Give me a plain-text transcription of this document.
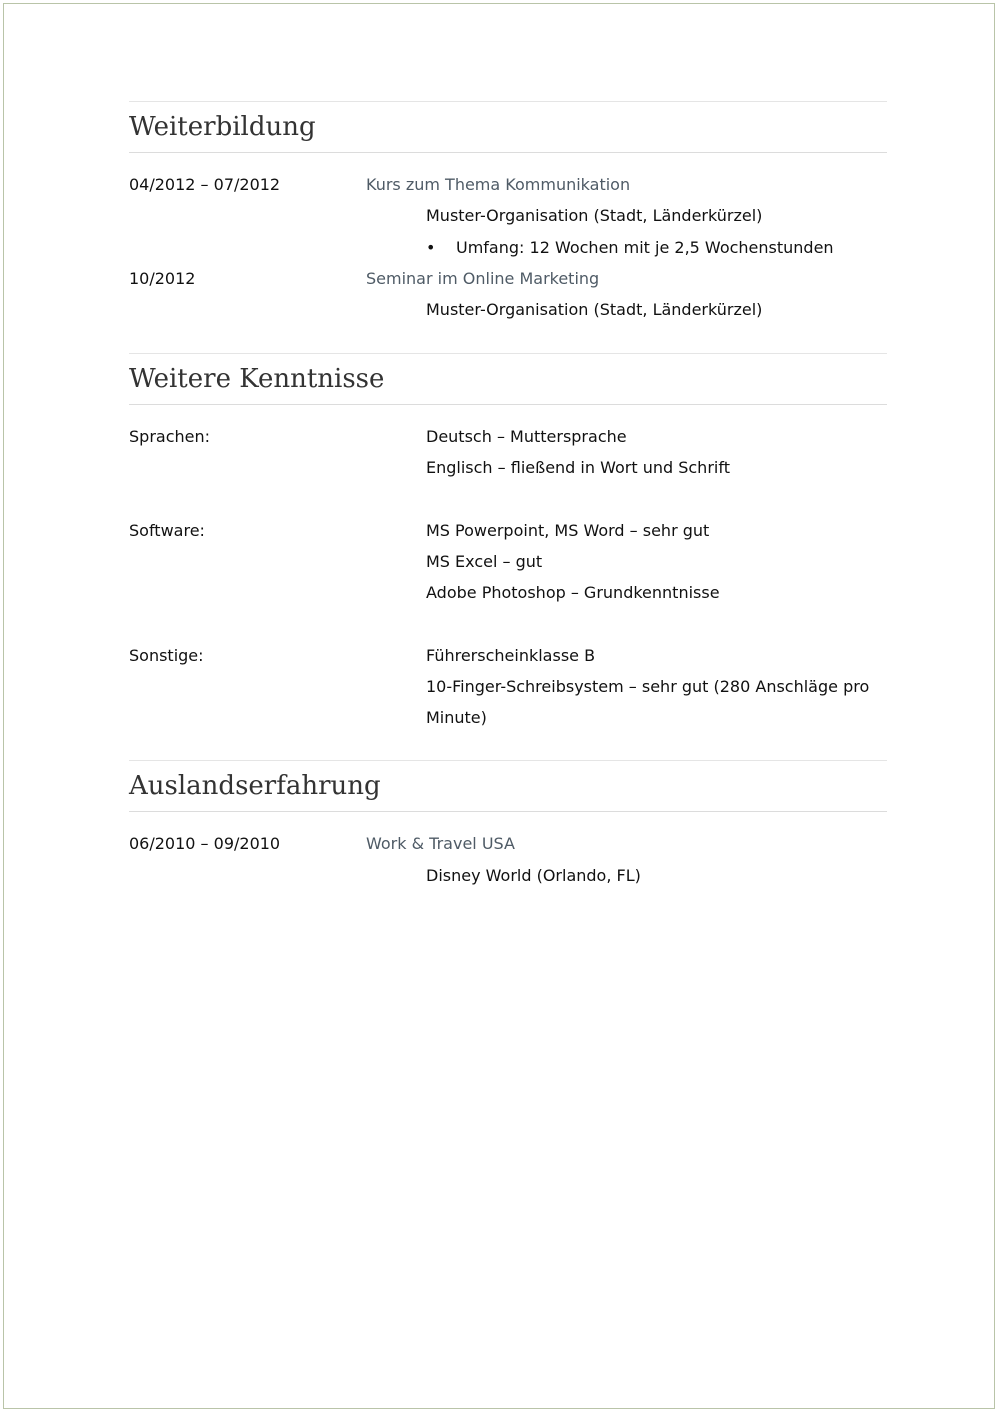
Weiterbildung
04/2012 – 07/2012	Kurs zum Thema Kommunikation
Muster-Organisation (Stadt, Länderkürzel)
• Umfang: 12 Wochen mit je 2,5 Wochenstunden
10/2012	Seminar im Online Marketing
Muster-Organisation (Stadt, Länderkürzel)
Weitere Kenntnisse
Sprachen:	Deutsch – Muttersprache
Englisch – fließend in Wort und Schrift
Software:	MS Powerpoint, MS Word – sehr gut
MS Excel – gut
Adobe Photoshop – Grundkenntnisse
Sonstige:	Führerscheinklasse B
10-Finger-Schreibsystem – sehr gut (280 Anschläge pro
Minute)
Auslandserfahrung
06/2010 – 09/2010	Work & Travel USA
Disney World (Orlando, FL)
